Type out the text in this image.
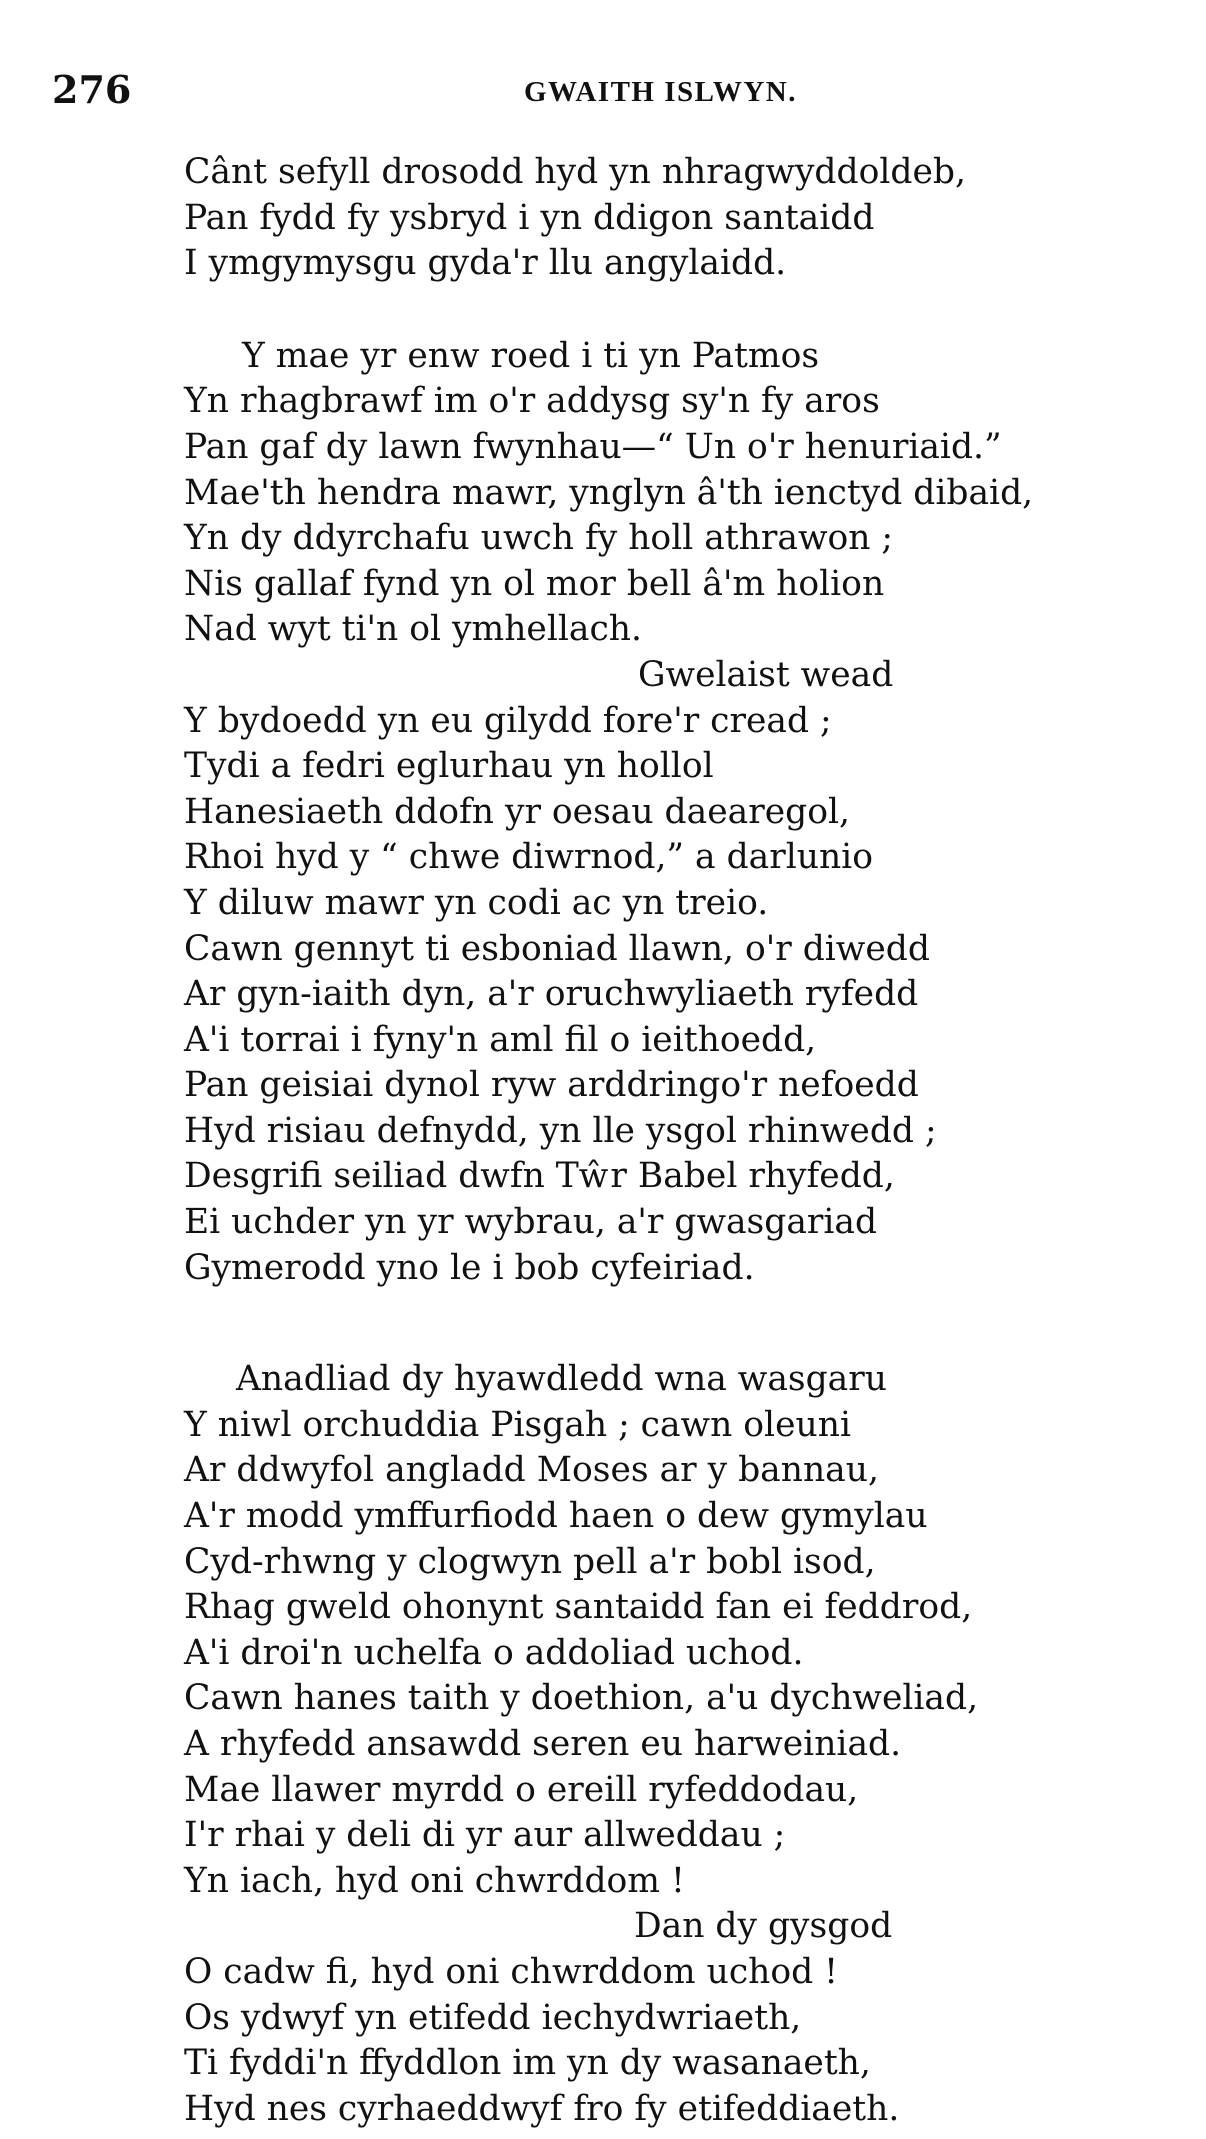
276	GWAITH ISLWYN.
Cânt sefyll drosodd hyd yn nhragwyddoldeb,
Pan fydd fy ysbryd i yn ddigon santaidd
I ymgymysgu gyda'r llu angylaidd.
Y mae yr enw roed i ti yn Patmos
Yn rhagbrawf im o'r addysg sy'n fy aros
Pan gaf dy lawn fwynhau—“ Un o'r henuriaid.”
Mae'th hendra mawr, ynglyn â'th ienctyd dibaid,
Yn dy ddyrchafu uwch fy holl athrawon ;
Nis gallaf fynd yn ol mor bell â'm holion
Nad wyt ti'n ol ymhellach.
Gwelaist wead
Y bydoedd yn eu gilydd fore'r cread ;
Tydi a fedri eglurhau yn hollol
Hanesiaeth ddofn yr oesau daearegol,
Rhoi hyd y “ chwe diwrnod,” a darlunio
Y diluw mawr yn codi ac yn treio.
Cawn gennyt ti esboniad llawn, o'r diwedd
Ar gyn-iaith dyn, a'r oruchwyliaeth ryfedd
A'i torrai i fyny'n aml fil o ieithoedd,
Pan geisiai dynol ryw arddringo'r nefoedd
Hyd risiau defnydd, yn lle ysgol rhinwedd ;
Desgrifi seiliad dwfn Tŵr Babel rhyfedd,
Ei uchder yn yr wybrau, a'r gwasgariad
Gymerodd yno le i bob cyfeiriad.
Anadliad dy hyawdledd wna wasgaru
Y niwl orchuddia Pisgah ; cawn oleuni
Ar ddwyfol angladd Moses ar y bannau,
A'r modd ymffurfiodd haen o dew gymylau
Cyd-rhwng y clogwyn pell a'r bobl isod,
Rhag gweld ohonynt santaidd fan ei feddrod,
A'i droi'n uchelfa o addoliad uchod.
Cawn hanes taith y doethion, a'u dychweliad,
A rhyfedd ansawdd seren eu harweiniad.
Mae llawer myrdd o ereill ryfeddodau,
I'r rhai y deli di yr aur allweddau ;
Yn iach, hyd oni chwrddom !
Dan dy gysgod
O cadw fi, hyd oni chwrddom uchod !
Os ydwyf yn etifedd iechydwriaeth,
Ti fyddi'n ffyddlon im yn dy wasanaeth,
Hyd nes cyrhaeddwyf fro fy etifeddiaeth.
